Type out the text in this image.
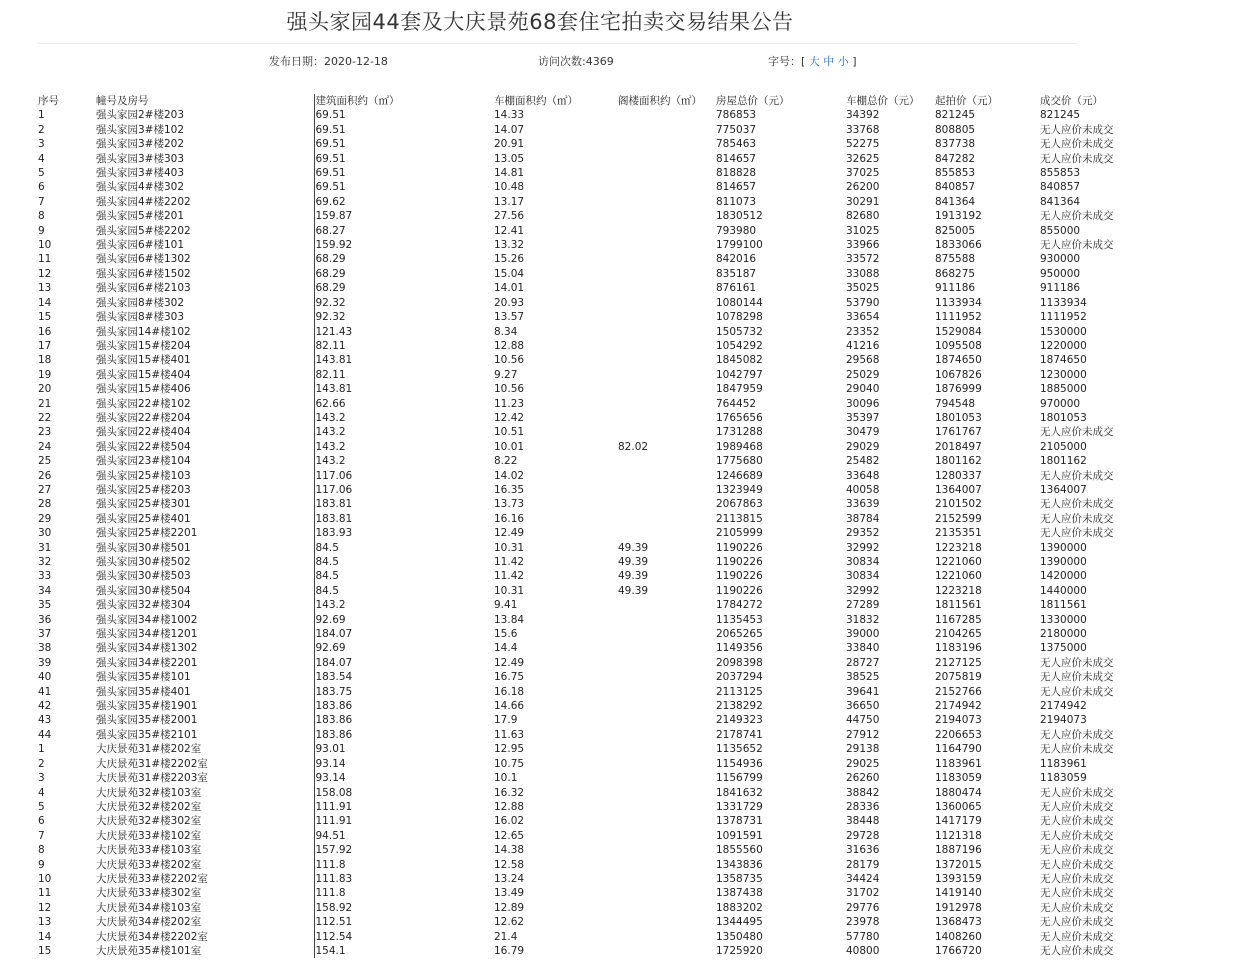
强头家园44套及大庆景苑68套住宅拍卖交易结果公告
发布日期：2020-12-18	访问次数:4369	字号：[ 大 中 小 ]
序号	幢号及房号	建筑面积约（㎡）	车棚面积约（㎡）	阁楼面积约（㎡）	房屋总价（元）	车棚总价（元）	起拍价（元）	成交价（元）
1	强头家园2#楼203	69.51	14.33		786853	34392	821245	821245
2	强头家园3#楼102	69.51	14.07		775037	33768	808805	无人应价未成交
3	强头家园3#楼202	69.51	20.91		785463	52275	837738	无人应价未成交
4	强头家园3#楼303	69.51	13.05		814657	32625	847282	无人应价未成交
5	强头家园3#楼403	69.51	14.81		818828	37025	855853	855853
6	强头家园4#楼302	69.51	10.48		814657	26200	840857	840857
7	强头家园4#楼2202	69.62	13.17		811073	30291	841364	841364
8	强头家园5#楼201	159.87	27.56		1830512	82680	1913192	无人应价未成交
9	强头家园5#楼2202	68.27	12.41		793980	31025	825005	855000
10	强头家园6#楼101	159.92	13.32		1799100	33966	1833066	无人应价未成交
11	强头家园6#楼1302	68.29	15.26		842016	33572	875588	930000
12	强头家园6#楼1502	68.29	15.04		835187	33088	868275	950000
13	强头家园6#楼2103	68.29	14.01		876161	35025	911186	911186
14	强头家园8#楼302	92.32	20.93		1080144	53790	1133934	1133934
15	强头家园8#楼303	92.32	13.57		1078298	33654	1111952	1111952
16	强头家园14#楼102	121.43	8.34		1505732	23352	1529084	1530000
17	强头家园15#楼204	82.11	12.88		1054292	41216	1095508	1220000
18	强头家园15#楼401	143.81	10.56		1845082	29568	1874650	1874650
19	强头家园15#楼404	82.11	9.27		1042797	25029	1067826	1230000
20	强头家园15#楼406	143.81	10.56		1847959	29040	1876999	1885000
21	强头家园22#楼102	62.66	11.23		764452	30096	794548	970000
22	强头家园22#楼204	143.2	12.42		1765656	35397	1801053	1801053
23	强头家园22#楼404	143.2	10.51		1731288	30479	1761767	无人应价未成交
24	强头家园22#楼504	143.2	10.01	82.02	1989468	29029	2018497	2105000
25	强头家园23#楼104	143.2	8.22		1775680	25482	1801162	1801162
26	强头家园25#楼103	117.06	14.02		1246689	33648	1280337	无人应价未成交
27	强头家园25#楼203	117.06	16.35		1323949	40058	1364007	1364007
28	强头家园25#楼301	183.81	13.73		2067863	33639	2101502	无人应价未成交
29	强头家园25#楼401	183.81	16.16		2113815	38784	2152599	无人应价未成交
30	强头家园25#楼2201	183.93	12.49		2105999	29352	2135351	无人应价未成交
31	强头家园30#楼501	84.5	10.31	49.39	1190226	32992	1223218	1390000
32	强头家园30#楼502	84.5	11.42	49.39	1190226	30834	1221060	1390000
33	强头家园30#楼503	84.5	11.42	49.39	1190226	30834	1221060	1420000
34	强头家园30#楼504	84.5	10.31	49.39	1190226	32992	1223218	1440000
35	强头家园32#楼304	143.2	9.41		1784272	27289	1811561	1811561
36	强头家园34#楼1002	92.69	13.84		1135453	31832	1167285	1330000
37	强头家园34#楼1201	184.07	15.6		2065265	39000	2104265	2180000
38	强头家园34#楼1302	92.69	14.4		1149356	33840	1183196	1375000
39	强头家园34#楼2201	184.07	12.49		2098398	28727	2127125	无人应价未成交
40	强头家园35#楼101	183.54	16.75		2037294	38525	2075819	无人应价未成交
41	强头家园35#楼401	183.75	16.18		2113125	39641	2152766	无人应价未成交
42	强头家园35#楼1901	183.86	14.66		2138292	36650	2174942	2174942
43	强头家园35#楼2001	183.86	17.9		2149323	44750	2194073	2194073
44	强头家园35#楼2101	183.86	11.63		2178741	27912	2206653	无人应价未成交
1	大庆景苑31#楼202室	93.01	12.95		1135652	29138	1164790	无人应价未成交
2	大庆景苑31#楼2202室	93.14	10.75		1154936	29025	1183961	1183961
3	大庆景苑31#楼2203室	93.14	10.1		1156799	26260	1183059	1183059
4	大庆景苑32#楼103室	158.08	16.32		1841632	38842	1880474	无人应价未成交
5	大庆景苑32#楼202室	111.91	12.88		1331729	28336	1360065	无人应价未成交
6	大庆景苑32#楼302室	111.91	16.02		1378731	38448	1417179	无人应价未成交
7	大庆景苑33#楼102室	94.51	12.65		1091591	29728	1121318	无人应价未成交
8	大庆景苑33#楼103室	157.92	14.38		1855560	31636	1887196	无人应价未成交
9	大庆景苑33#楼202室	111.8	12.58		1343836	28179	1372015	无人应价未成交
10	大庆景苑33#楼2202室	111.83	13.24		1358735	34424	1393159	无人应价未成交
11	大庆景苑33#楼302室	111.8	13.49		1387438	31702	1419140	无人应价未成交
12	大庆景苑34#楼103室	158.92	12.89		1883202	29776	1912978	无人应价未成交
13	大庆景苑34#楼202室	112.51	12.62		1344495	23978	1368473	无人应价未成交
14	大庆景苑34#楼2202室	112.54	21.4		1350480	57780	1408260	无人应价未成交
15	大庆景苑35#楼101室	154.1	16.79		1725920	40800	1766720	无人应价未成交
